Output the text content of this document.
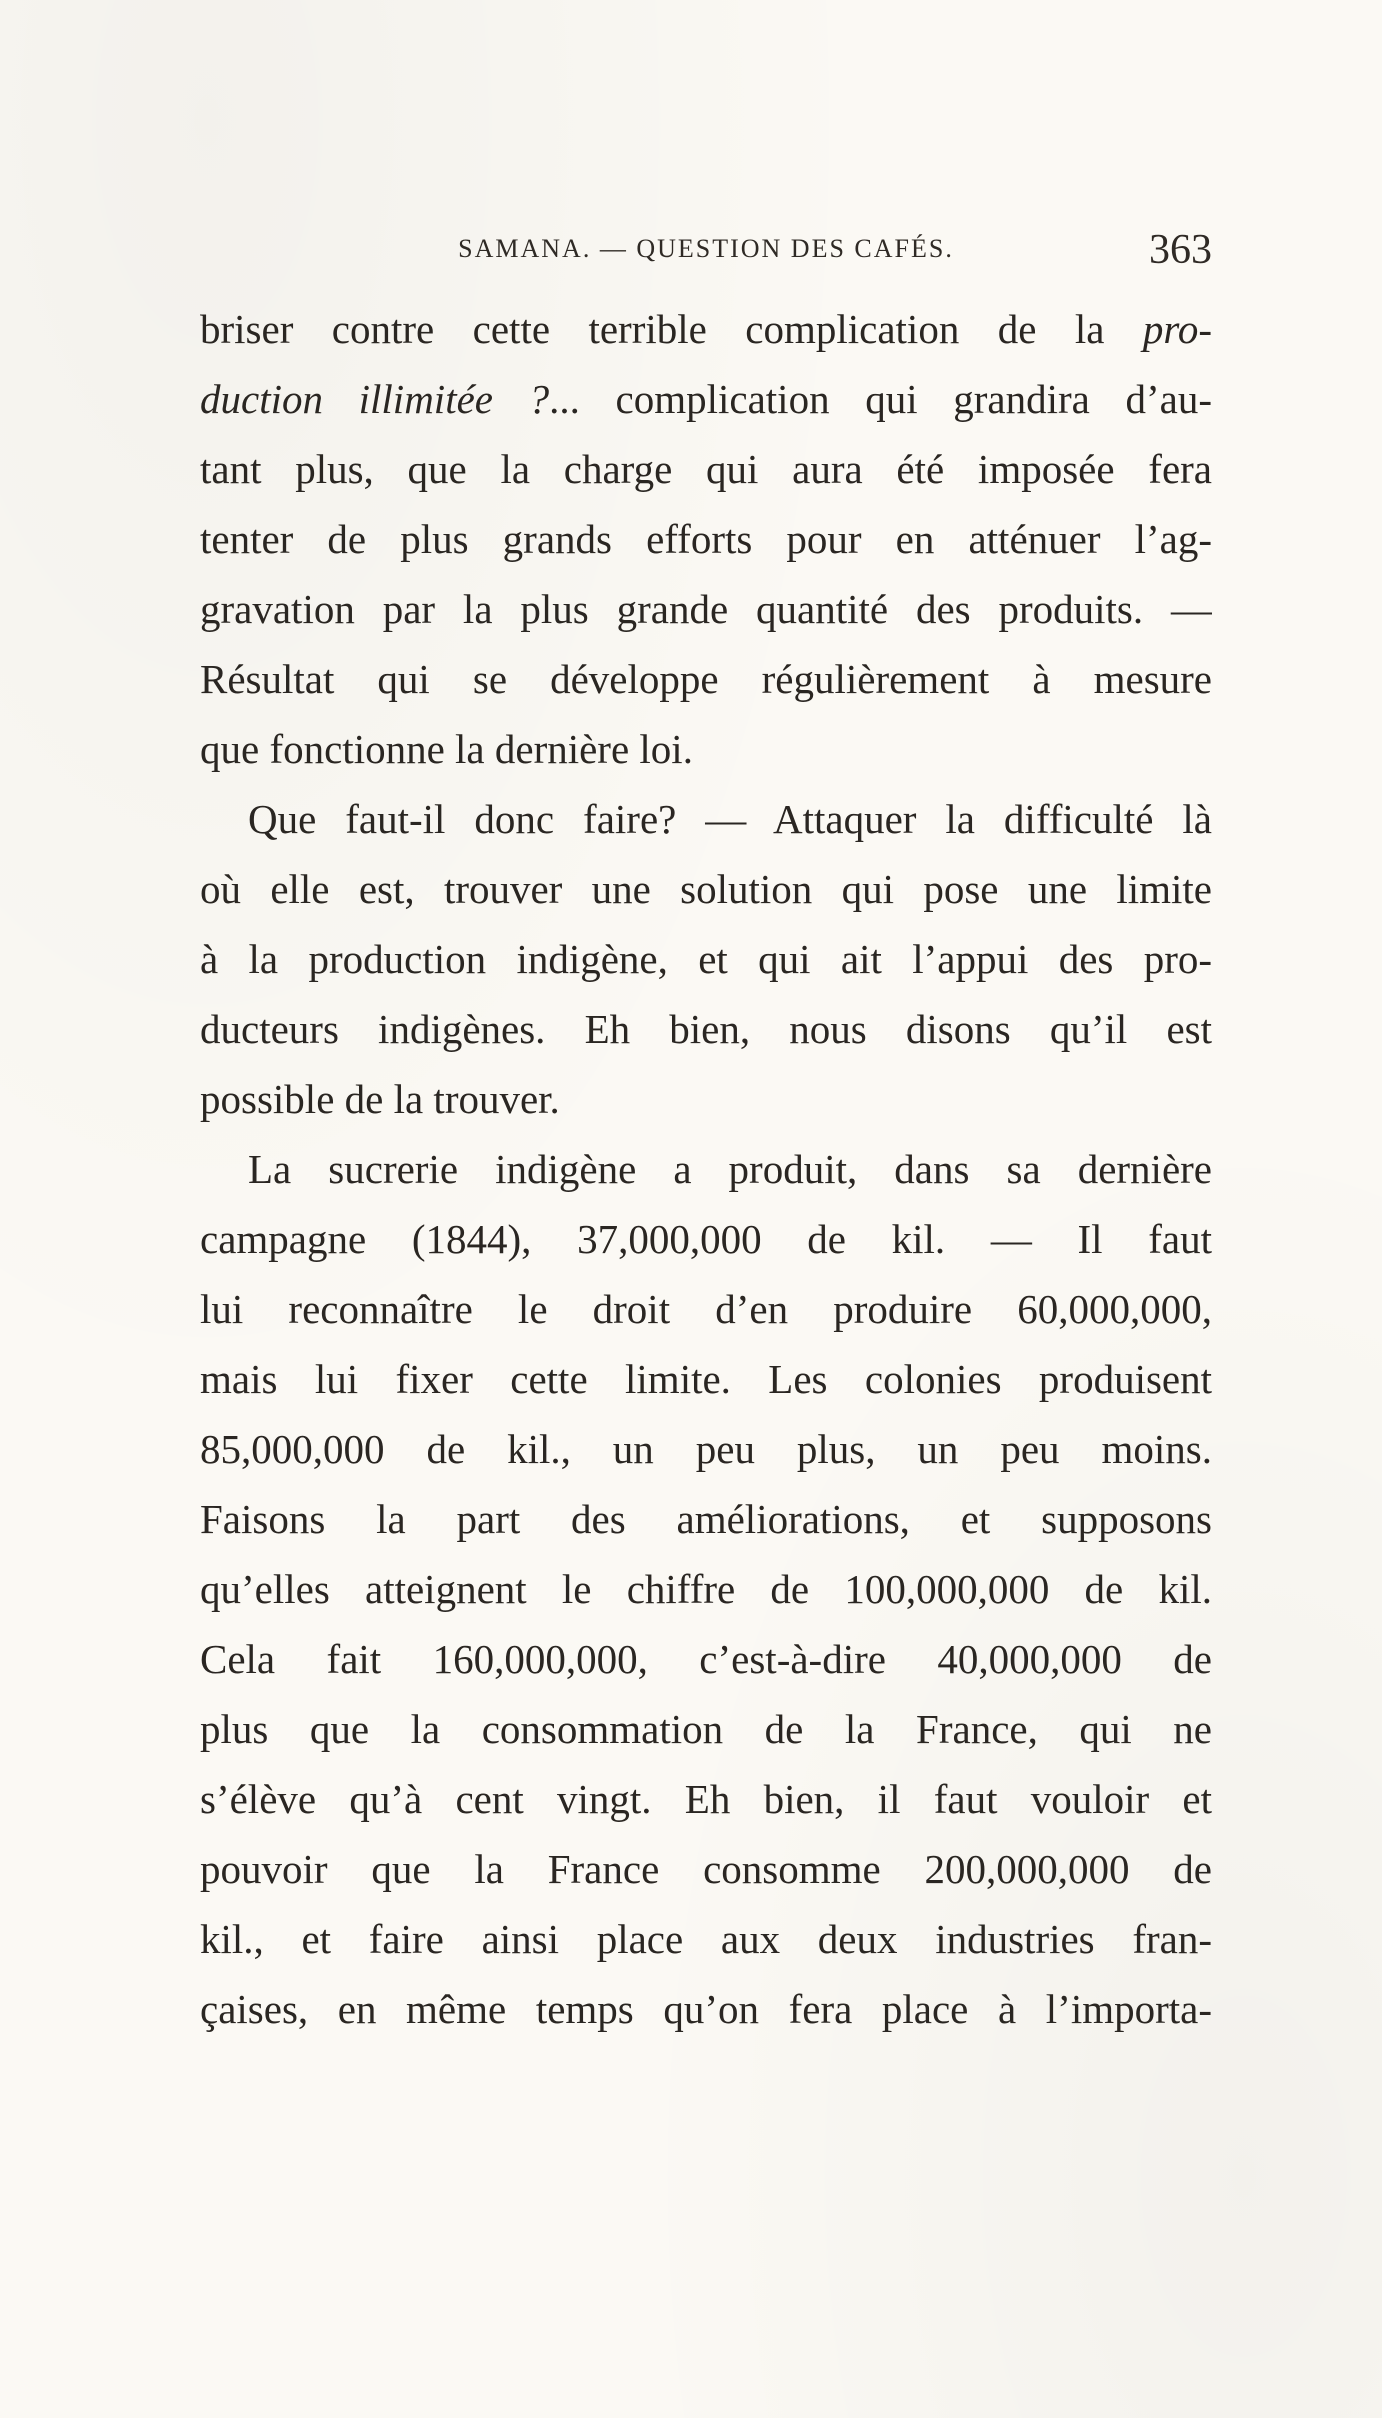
SAMANA. — QUESTION DES CAFÉS.	363
briser contre cette terrible complication de la pro-
duction illimitée ?... complication qui grandira d’au-
tant plus, que la charge qui aura été imposée fera
tenter de plus grands efforts pour en atténuer l’ag-
gravation par la plus grande quantité des produits. —
Résultat qui se développe régulièrement à mesure
que fonctionne la dernière loi.
Que faut-il donc faire? — Attaquer la difficulté là
où elle est, trouver une solution qui pose une limite
à la production indigène, et qui ait l’appui des pro-
ducteurs indigènes. Eh bien, nous disons qu’il est
possible de la trouver.
La sucrerie indigène a produit, dans sa dernière
campagne (1844), 37,000,000 de kil. — Il faut
lui reconnaître le droit d’en produire 60,000,000,
mais lui fixer cette limite. Les colonies produisent
85,000,000 de kil., un peu plus, un peu moins.
Faisons la part des améliorations, et supposons
qu’elles atteignent le chiffre de 100,000,000 de kil.
Cela fait 160,000,000, c’est-à-dire 40,000,000 de
plus que la consommation de la France, qui ne
s’élève qu’à cent vingt. Eh bien, il faut vouloir et
pouvoir que la France consomme 200,000,000 de
kil., et faire ainsi place aux deux industries fran-
çaises, en même temps qu’on fera place à l’importa-
